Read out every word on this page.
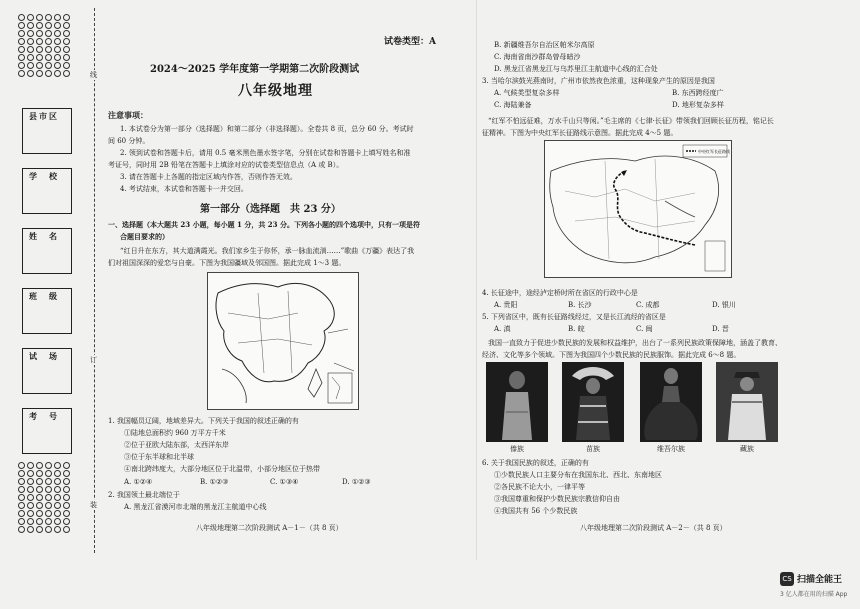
县市区
学　校
姓　名
班　级
试　场
考　号
线
订
装
试卷类型：A
2024～2025 学年度第一学期第二次阶段测试
八年级地理
注意事项：
1. 本试卷分为第一部分（选择题）和第二部分（非选择题）。全卷共 8 页，总分 60 分。考试时
间 60 分钟。
2. 领到试卷和答题卡后，请用 0.5 毫米黑色墨水签字笔，分别在试卷和答题卡上填写姓名和准
考证号，同时用 2B 铅笔在答题卡上填涂对应的试卷类型信息点（A 或 B）。
3. 请在答题卡上各题的指定区域内作答，否则作答无效。
4. 考试结束，本试卷和答题卡一并交回。
第一部分（选择题　共 23 分）
一、选择题（本大题共 23 小题，每小题 1 分，共 23 分。下列各小题的四个选项中，只有一项是符
合题目要求的）
“红日升在东方，其大道满霞光。我们家乡生于你怀，承一脉血流淌……”歌曲《万疆》表达了我
们对祖国深深的爱恋与自豪。下图为我国疆域及邻国图。据此完成 1～3 题。
1. 我国幅员辽阔，地域差异大。下列关于我国的叙述正确的有
①陆地总面积约 960 万平方千米
②位于亚欧大陆东部，太西洋东岸
③位于东半球和北半球
④南北跨纬度大，大部分地区位于北温带，小部分地区位于热带
A. ①②④	B. ①②③	C. ①③④	D. ①②③
2. 我国领土最北端位于
A. 黑龙江省漠河市北端的黑龙江主航道中心线
八年级地理第二次阶段测试 A－1－（共 8 页）
B. 新疆维吾尔自治区帕米尔高原
C. 海南省南沙群岛曾母暗沙
D. 黑龙江省黑龙江与乌苏里江主航道中心线的汇合处
3. 当哈尔滨鼓光燕南时，广州市依然夜色浓重，这种现象产生的原因是我国
A. 气候类型复杂多样	B. 东西跨经度广
C. 海陆兼备	D. 地形复杂多样
“红军不怕远征难，万水千山只等闲。”毛主席的《七律·长征》带领我们回顾长征历程，铭记长
征精神。下图为中央红军长征路线示意图。据此完成 4～5 题。
中央红军长征路线
4. 长征途中，途经泸定桥时所在省区的行政中心是
A. 贵阳	B. 长沙	C. 成都	D. 银川
5. 下列省区中，既有长征路线经过，又是长江流经的省区是
A. 滇	B. 皖	C. 闽	D. 晋
我国一直致力于促进少数民族的发展和权益维护，出台了一系列民族政策保障地，涵盖了教育、
经济、文化等多个领域。下图为我国四个少数民族的民族服饰。据此完成 6～8 题。
傣族	苗族	维吾尔族	藏族
6. 关于我国民族的叙述，正确的有
①少数民族人口主要分布在我国东北、西北、东南地区
②各民族不论大小，一律平等
③我国尊重和保护少数民族宗教信仰自由
④我国共有 56 个少数民族
八年级地理第二次阶段测试 A－2－（共 8 页）
CS 扫描全能王
3 亿人都在用的扫描 App
